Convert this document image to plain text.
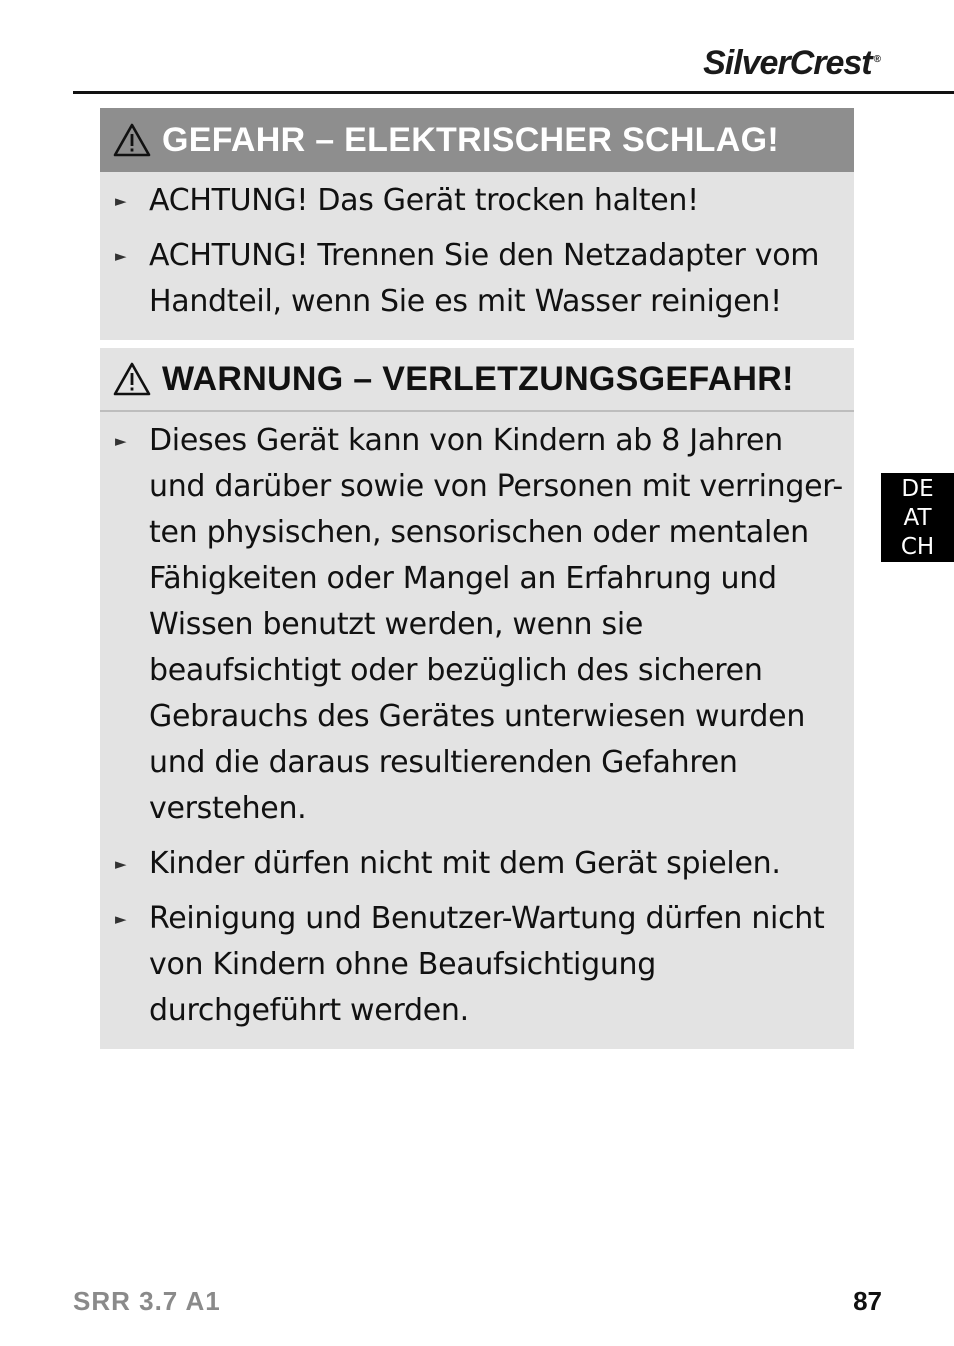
SilverCrest ®
GEFAHR – ELEKTRISCHER SCHLAG!
► ACHTUNG! Das Gerät trocken halten!
► ACHTUNG! Trennen Sie den Netzadapter vom Handteil, wenn Sie es mit Wasser reinigen!
WARNUNG – VERLETZUNGSGEFAHR!
► Dieses Gerät kann von Kindern ab 8 Jahren und darüber sowie von Personen mit verringer-ten physischen, sensorischen oder mentalen Fähigkeiten oder Mangel an Erfahrung und Wissen benutzt werden, wenn sie beaufsichtigt oder bezüglich des sicheren Gebrauchs des Gerätes unterwiesen wurden und die daraus resultierenden Gefahren verstehen.
► Kinder dürfen nicht mit dem Gerät spielen.
► Reinigung und Benutzer-Wartung dürfen nicht von Kindern ohne Beaufsichtigung durchgeführt werden.
DE
AT
CH
SRR 3.7 A1	87
